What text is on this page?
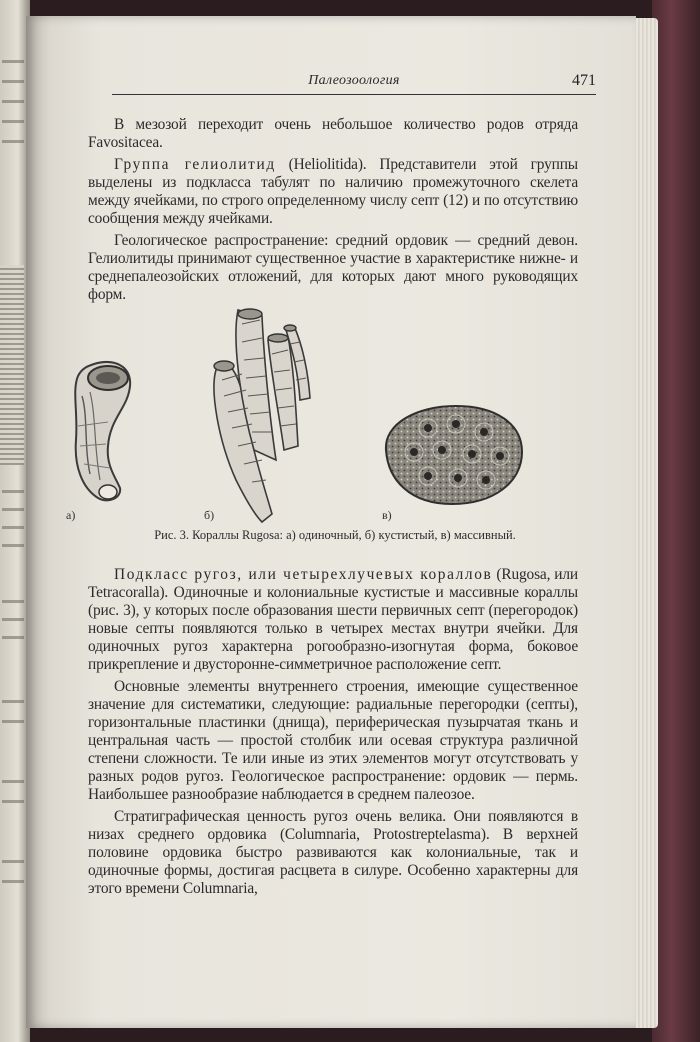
Палеозоология	471

В мезозой переходит очень небольшое количество родов отряда Favositacea.

Группа гелиолитид (Heliolitida). Представители этой группы выделены из подкласса табулят по наличию промежуточного скелета между ячейками, по строго определенному числу септ (12) и по отсутствию сообщения между ячейками.

Геологическое распространение: средний ордовик — средний девон. Гелиолитиды принимают существенное участие в характеристике нижне- и среднепалеозойских отложений, для которых дают много руководящих форм.

а)	б)	в)
Рис. 3. Кораллы Rugosa: а) одиночный, б) кустистый, в) массивный.

Подкласс ругоз, или четырехлучевых кораллов (Rugosa, или Tetracoralla). Одиночные и колониальные кустистые и массивные кораллы (рис. 3), у которых после образования шести первичных септ (перегородок) новые септы появляются только в четырех местах внутри ячейки. Для одиночных ругоз характерна рогообразно-изогнутая форма, боковое прикрепление и двусторонне-симметричное расположение септ.

Основные элементы внутреннего строения, имеющие существенное значение для систематики, следующие: радиальные перегородки (септы), горизонтальные пластинки (днища), периферическая пузырчатая ткань и центральная часть — простой столбик или осевая структура различной степени сложности. Те или иные из этих элементов могут отсутствовать у разных родов ругоз. Геологическое распространение: ордовик — пермь. Наибольшее разнообразие наблюдается в среднем палеозое.

Стратиграфическая ценность ругоз очень велика. Они появляются в низах среднего ордовика (Columnaria, Protostreptelasma). В верхней половине ордовика быстро развиваются как колониальные, так и одиночные формы, достигая расцвета в силуре. Особенно характерны для этого времени Columnaria,
